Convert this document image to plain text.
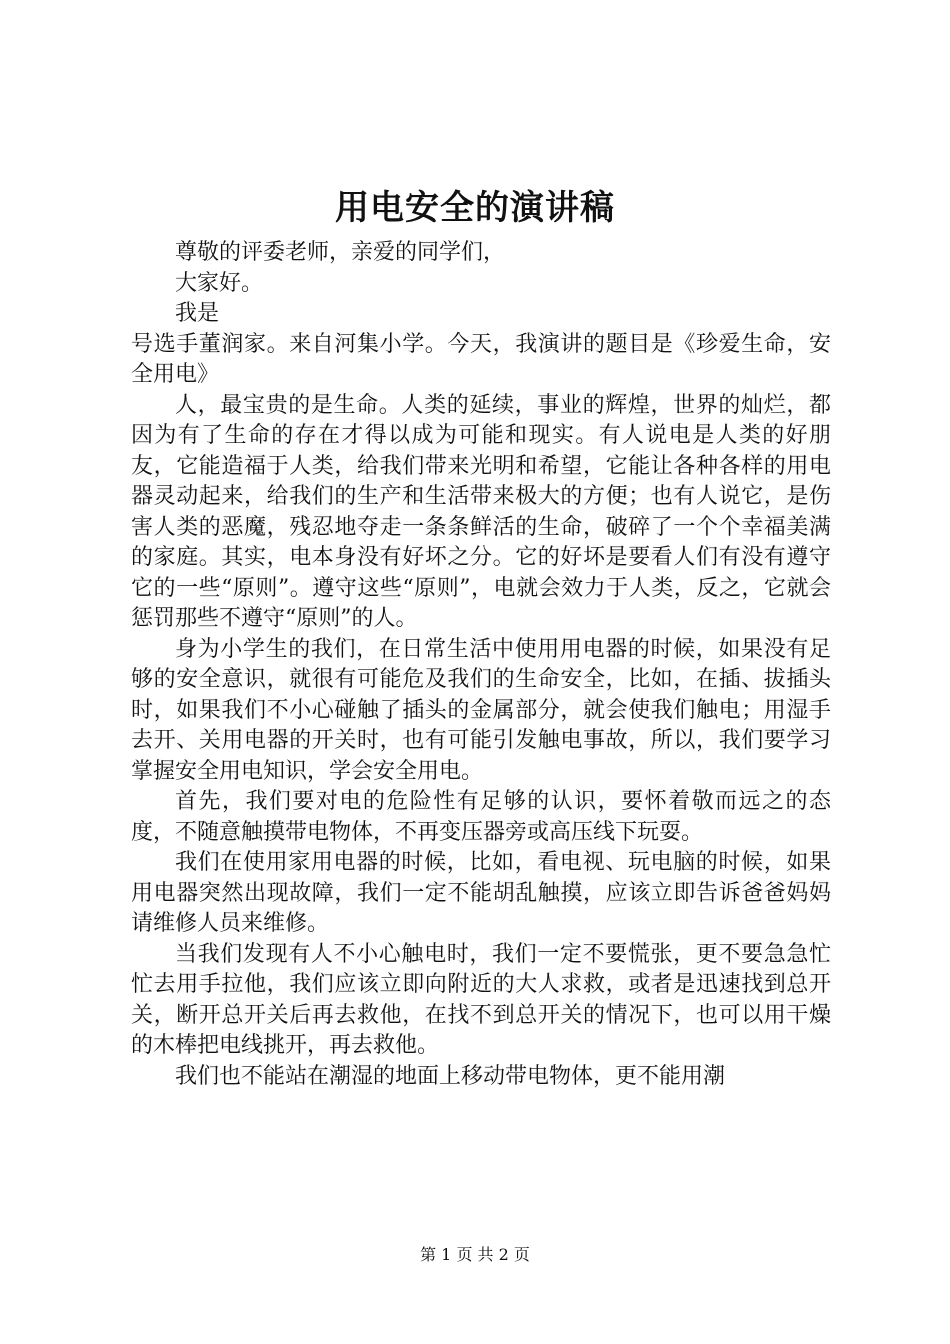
用电安全的演讲稿

尊敬的评委老师，亲爱的同学们，

大家好。

我是

号选手董润家。来自河集小学。今天，我演讲的题目是《珍爱生命，安全用电》

人，最宝贵的是生命。人类的延续，事业的辉煌，世界的灿烂，都因为有了生命的存在才得以成为可能和现实。有人说电是人类的好朋友，它能造福于人类，给我们带来光明和希望，它能让各种各样的用电器灵动起来，给我们的生产和生活带来极大的方便；也有人说它，是伤害人类的恶魔，残忍地夺走一条条鲜活的生命，破碎了一个个幸福美满的家庭。其实，电本身没有好坏之分。它的好坏是要看人们有没有遵守它的一些“原则”。遵守这些“原则”，电就会效力于人类，反之，它就会惩罚那些不遵守“原则”的人。

身为小学生的我们，在日常生活中使用用电器的时候，如果没有足够的安全意识，就很有可能危及我们的生命安全，比如，在插、拔插头时，如果我们不小心碰触了插头的金属部分，就会使我们触电；用湿手去开、关用电器的开关时，也有可能引发触电事故，所以，我们要学习掌握安全用电知识，学会安全用电。

首先，我们要对电的危险性有足够的认识，要怀着敬而远之的态度，不随意触摸带电物体，不再变压器旁或高压线下玩耍。

我们在使用家用电器的时候，比如，看电视、玩电脑的时候，如果用电器突然出现故障，我们一定不能胡乱触摸，应该立即告诉爸爸妈妈请维修人员来维修。

当我们发现有人不小心触电时，我们一定不要慌张，更不要急急忙忙去用手拉他，我们应该立即向附近的大人求救，或者是迅速找到总开关，断开总开关后再去救他，在找不到总开关的情况下，也可以用干燥的木棒把电线挑开，再去救他。

我们也不能站在潮湿的地面上移动带电物体，更不能用潮

第 1 页 共 2 页
